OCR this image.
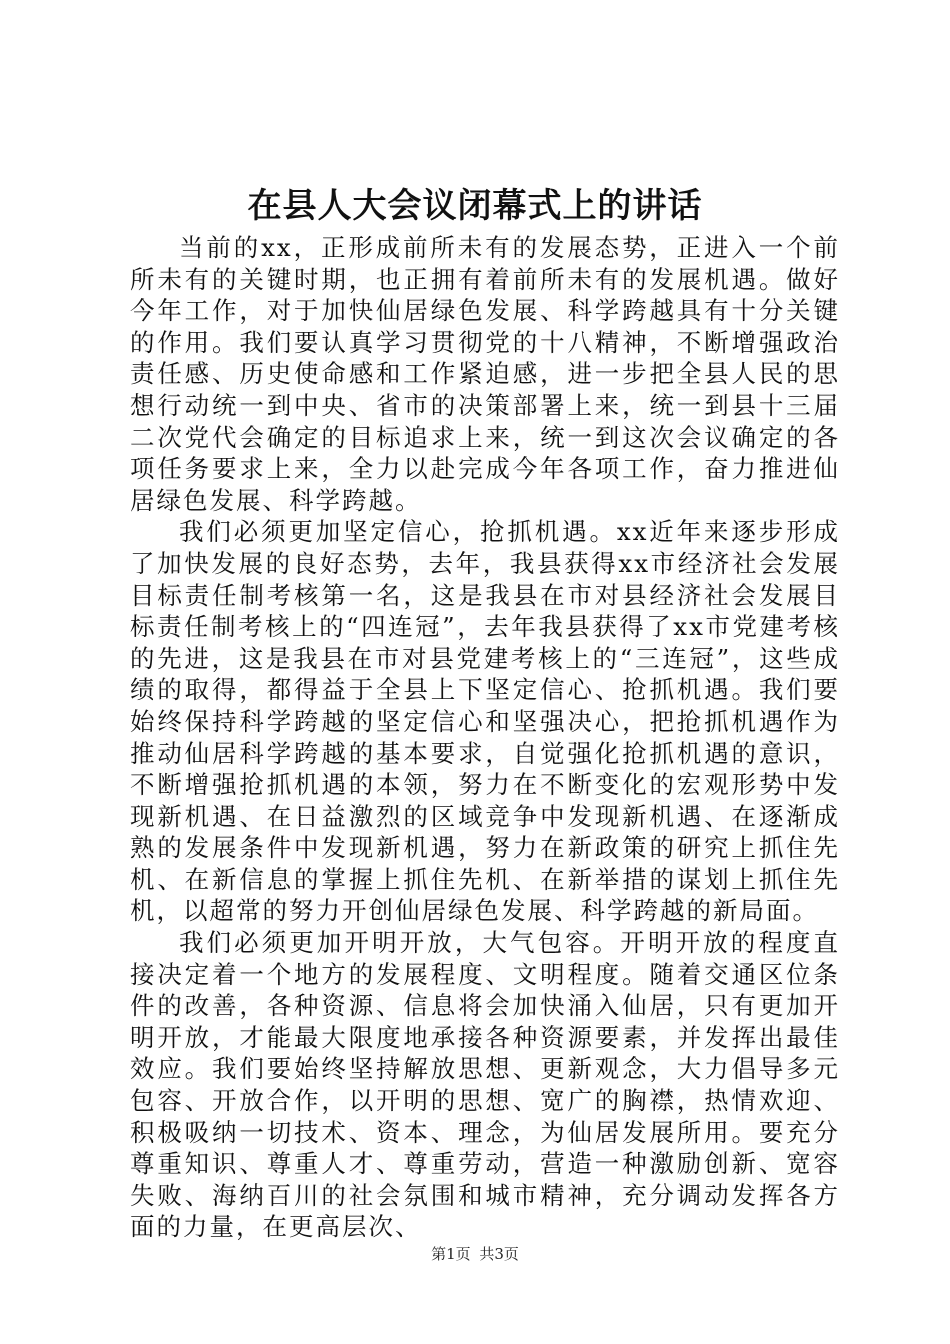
在县人大会议闭幕式上的讲话

当前的xx，正形成前所未有的发展态势，正进入一个前所未有的关键时期，也正拥有着前所未有的发展机遇。做好今年工作，对于加快仙居绿色发展、科学跨越具有十分关键的作用。我们要认真学习贯彻党的十八精神，不断增强政治责任感、历史使命感和工作紧迫感，进一步把全县人民的思想行动统一到中央、省市的决策部署上来，统一到县十三届二次党代会确定的目标追求上来，统一到这次会议确定的各项任务要求上来，全力以赴完成今年各项工作，奋力推进仙居绿色发展、科学跨越。

我们必须更加坚定信心，抢抓机遇。xx近年来逐步形成了加快发展的良好态势，去年，我县获得xx市经济社会发展目标责任制考核第一名，这是我县在市对县经济社会发展目标责任制考核上的“四连冠”，去年我县获得了xx市党建考核的先进，这是我县在市对县党建考核上的“三连冠”，这些成绩的取得，都得益于全县上下坚定信心、抢抓机遇。我们要始终保持科学跨越的坚定信心和坚强决心，把抢抓机遇作为推动仙居科学跨越的基本要求，自觉强化抢抓机遇的意识，不断增强抢抓机遇的本领，努力在不断变化的宏观形势中发现新机遇、在日益激烈的区域竞争中发现新机遇、在逐渐成熟的发展条件中发现新机遇，努力在新政策的研究上抓住先机、在新信息的掌握上抓住先机、在新举措的谋划上抓住先机，以超常的努力开创仙居绿色发展、科学跨越的新局面。

我们必须更加开明开放，大气包容。开明开放的程度直接决定着一个地方的发展程度、文明程度。随着交通区位条件的改善，各种资源、信息将会加快涌入仙居，只有更加开明开放，才能最大限度地承接各种资源要素，并发挥出最佳效应。我们要始终坚持解放思想、更新观念，大力倡导多元包容、开放合作，以开明的思想、宽广的胸襟，热情欢迎、积极吸纳一切技术、资本、理念，为仙居发展所用。要充分尊重知识、尊重人才、尊重劳动，营造一种激励创新、宽容失败、海纳百川的社会氛围和城市精神，充分调动发挥各方面的力量，在更高层次、

第1页 共3页
